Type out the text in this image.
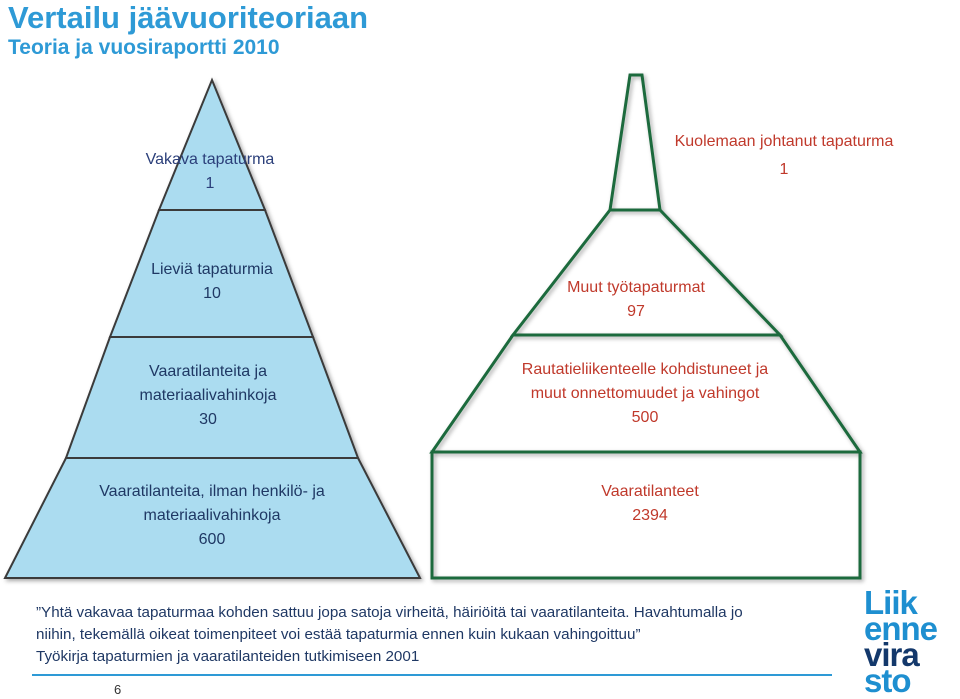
Vertailu jäävuoriteoriaan
Teoria ja vuosiraportti 2010
Vakava tapaturma
1
Lieviä tapaturmia
10
Vaaratilanteita ja
materiaalivahinkoja
30
Vaaratilanteita, ilman henkilö- ja
materiaalivahinkoja
600
Kuolemaan johtanut tapaturma
1
Muut työtapaturmat
97
Rautatieliikenteelle kohdistuneet ja
muut onnettomuudet ja vahingot
500
Vaaratilanteet
2394
”Yhtä vakavaa tapaturmaa kohden sattuu jopa satoja virheitä, häiriöitä tai vaaratilanteita. Havahtumalla jo
niihin, tekemällä oikeat toimenpiteet voi estää tapaturmia ennen kuin kukaan vahingoittuu”
Työkirja tapaturmien ja vaaratilanteiden tutkimiseen 2001
6
Liik
enne
vira
sto
